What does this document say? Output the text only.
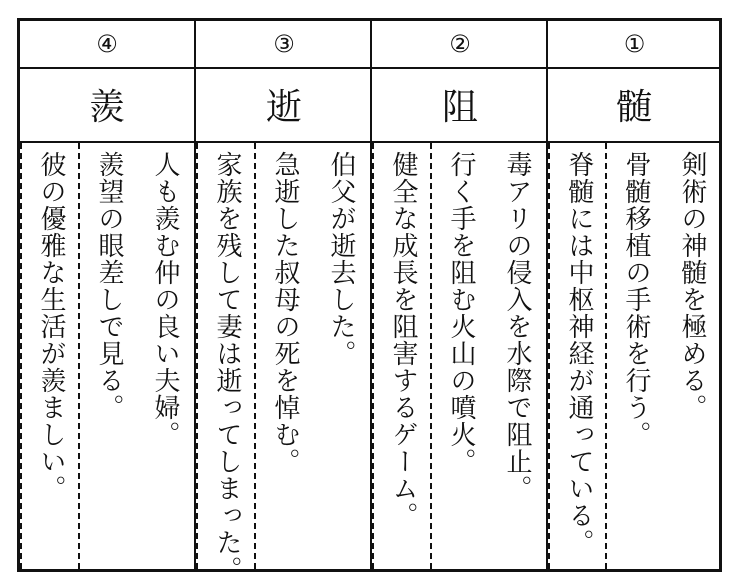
④
羨
人も羨む仲の良い夫婦。
羨望の眼差しで見る。
彼の優雅な生活が羨ましい。
③
逝
伯父が逝去した。
急逝した叔母の死を悼む。
家族を残して妻は逝ってしまった。
②
阻
毒アリの侵入を水際で阻止。
行く手を阻む火山の噴火。
健全な成長を阻害するゲーム。
①
髄
剣術の神髄を極める。
骨髄移植の手術を行う。
脊髄には中枢神経が通っている。
